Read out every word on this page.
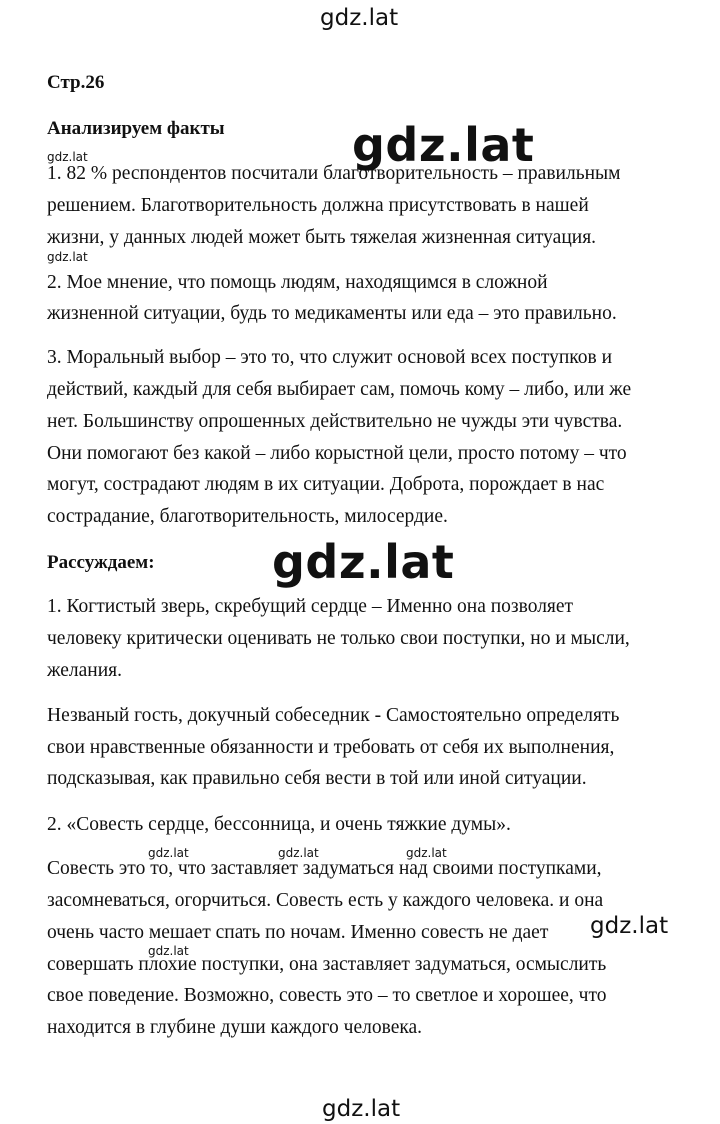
gdz.lat
gdz.lat
gdz.lat
gdz.lat
gdz.lat
gdz.lat	gdz.lat	gdz.lat
gdz.lat
gdz.lat
gdz.lat
Стр.26
Анализируем факты
1. 82 % респондентов посчитали благотворительность – правильным
решением. Благотворительность должна присутствовать в нашей
жизни, у данных людей может быть тяжелая жизненная ситуация.
2. Мое мнение, что помощь людям, находящимся в сложной
жизненной ситуации, будь то медикаменты или еда – это правильно.
3. Моральный выбор – это то, что служит основой всех поступков и
действий, каждый для себя выбирает сам, помочь кому – либо, или же
нет. Большинству опрошенных действительно не чужды эти чувства.
Они помогают без какой – либо корыстной цели, просто потому – что
могут, сострадают людям в их ситуации. Доброта, порождает в нас
сострадание, благотворительность, милосердие.
Рассуждаем:
1. Когтистый зверь, скребущий сердце – Именно она позволяет
человеку критически оценивать не только свои поступки, но и мысли,
желания.
Незваный гость, докучный собеседник - Самостоятельно определять
свои нравственные обязанности и требовать от себя их выполнения,
подсказывая, как правильно себя вести в той или иной ситуации.
2. «Совесть сердце, бессонница, и очень тяжкие думы».
Совесть это то, что заставляет задуматься над своими поступками,
засомневаться, огорчиться. Совесть есть у каждого человека. и она
очень часто мешает спать по ночам. Именно совесть не дает
совершать плохие поступки, она заставляет задуматься, осмыслить
свое поведение. Возможно, совесть это – то светлое и хорошее, что
находится в глубине души каждого человека.
